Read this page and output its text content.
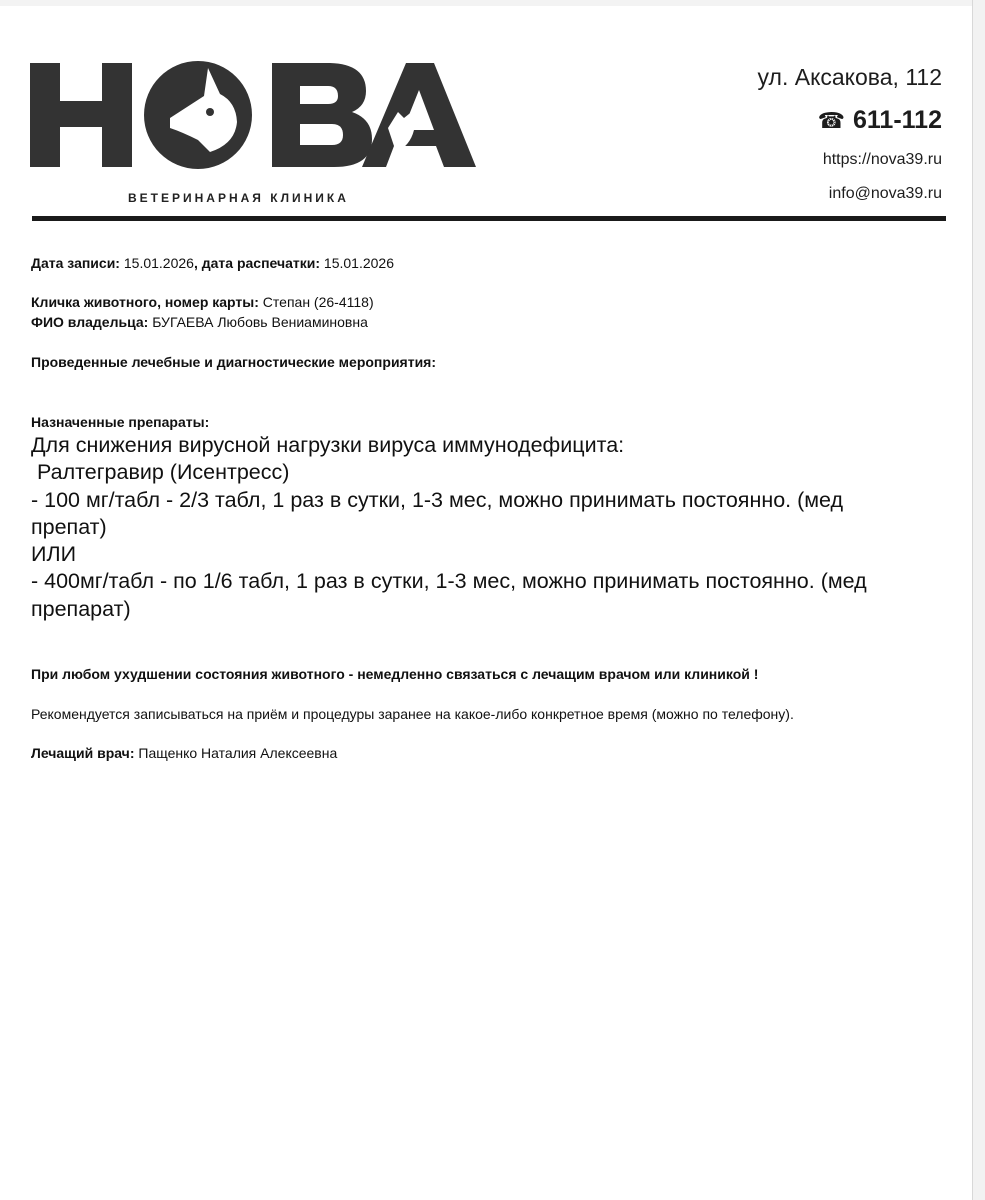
ВЕТЕРИНАРНАЯ КЛИНИКА
ул. Аксакова, 112
☎ 611-112
https://nova39.ru
info@nova39.ru
Дата записи: 15.01.2026, дата распечатки: 15.01.2026
Кличка животного, номер карты: Степан (26-4118)
ФИО владельца: БУГАЕВА Любовь Вениаминовна
Проведенные лечебные и диагностические мероприятия:
Назначенные препараты:
Для снижения вирусной нагрузки вируса иммунодефицита:
Ралтегравир (Исентресс)
- 100 мг/табл - 2/3 табл, 1 раз в сутки, 1-3 мес, можно принимать постоянно. (мед
препат)
ИЛИ
- 400мг/табл - по 1/6 табл, 1 раз в сутки, 1-3 мес, можно принимать постоянно. (мед
препарат)
При любом ухудшении состояния животного - немедленно связаться с лечащим врачом или клиникой !
Рекомендуется записываться на приём и процедуры заранее на какое-либо конкретное время (можно по телефону).
Лечащий врач: Пащенко Наталия Алексеевна
